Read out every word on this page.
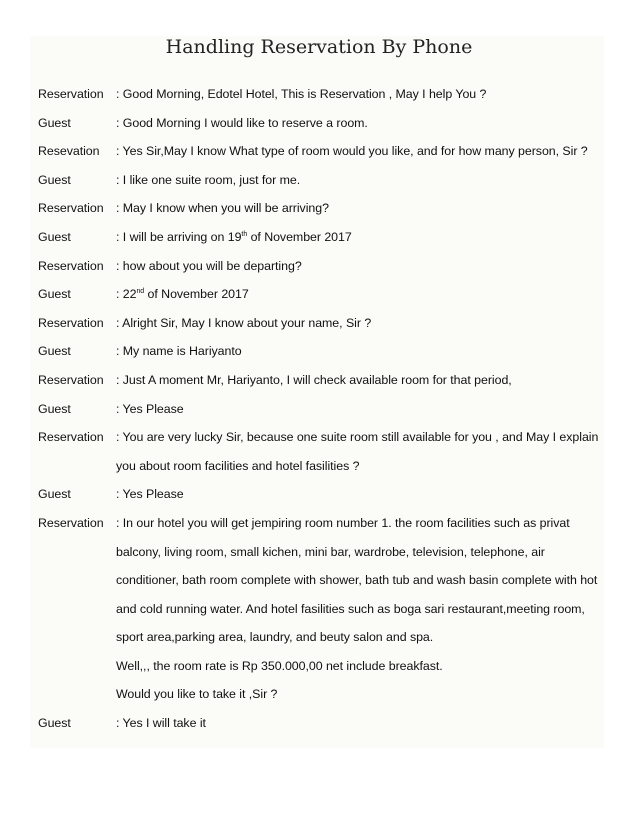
Handling Reservation By Phone
Reservation	: Good Morning, Edotel Hotel, This is Reservation , May I help You ?
Guest	: Good Morning I would like to reserve a room.
Resevation	: Yes Sir,May I know What type of room would you like, and for how many person, Sir ?
Guest	: I like one suite room, just for me.
Reservation	: May I know when you will be arriving?
Guest	: I will be arriving on 19th of November 2017
Reservation	: how about you will be departing?
Guest	: 22nd of November 2017
Reservation	: Alright Sir, May I know about your name, Sir ?
Guest	: My name is Hariyanto
Reservation	: Just A moment Mr, Hariyanto, I will check available room for that period,
Guest	: Yes Please
Reservation	: You are very lucky Sir, because one suite room still available for you , and May I explain
you about room facilities and hotel fasilities ?
Guest	: Yes Please
Reservation	: In our hotel you will get jempiring room number 1. the room facilities such as privat
balcony, living room, small kichen, mini bar, wardrobe, television, telephone, air
conditioner, bath room complete with shower, bath tub and wash basin complete with hot
and cold running water. And hotel fasilities such as boga sari restaurant,meeting room,
sport area,parking area, laundry, and beuty salon and spa.
Well,,, the room rate is Rp 350.000,00 net include breakfast.
Would you like to take it ,Sir ?
Guest	: Yes I will take it
